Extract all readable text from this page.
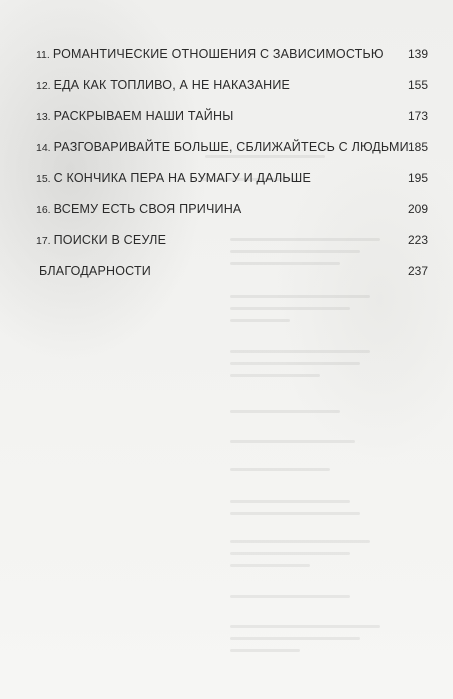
11. РОМАНТИЧЕСКИЕ ОТНОШЕНИЯ С ЗАВИСИМОСТЬЮ 139
12. ЕДА КАК ТОПЛИВО, А НЕ НАКАЗАНИЕ	155
13. РАСКРЫВАЕМ НАШИ ТАЙНЫ	173
14. РАЗГОВАРИВАЙТЕ БОЛЬШЕ, СБЛИЖАЙТЕСЬ С ЛЮДЬМИ 185
15. С КОНЧИКА ПЕРА НА БУМАГУ И ДАЛЬШЕ	195
16. ВСЕМУ ЕСТЬ СВОЯ ПРИЧИНА	209
17. ПОИСКИ В СЕУЛЕ	223
БЛАГОДАРНОСТИ	237
